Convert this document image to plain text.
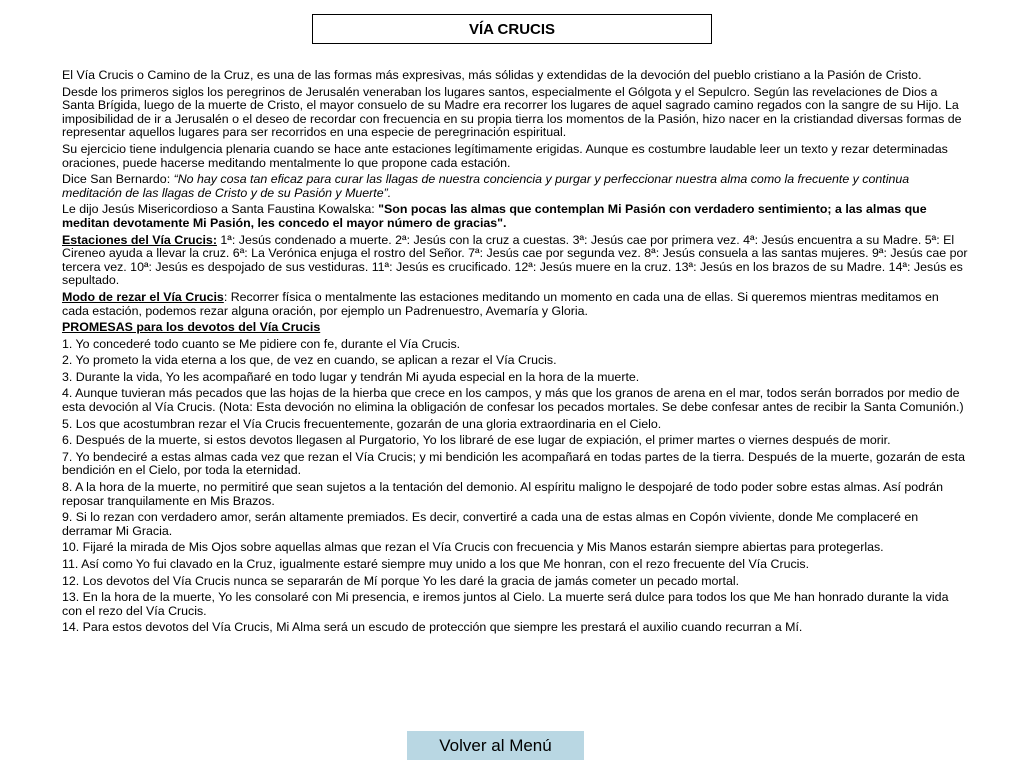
VÍA CRUCIS

El Vía Crucis o Camino de la Cruz, es una de las formas más expresivas, más sólidas y extendidas de la devoción del pueblo cristiano a la Pasión de Cristo.

Desde los primeros siglos los peregrinos de Jerusalén veneraban los lugares santos, especialmente el Gólgota y el Sepulcro. Según las revelaciones de Dios a Santa Brígida, luego de la muerte de Cristo, el mayor consuelo de su Madre era recorrer los lugares de aquel sagrado camino regados con la sangre de su Hijo. La imposibilidad de ir a Jerusalén o el deseo de recordar con frecuencia en su propia tierra los momentos de la Pasión, hizo nacer en la cristiandad diversas formas de representar aquellos lugares para ser recorridos en una especie de peregrinación espiritual.

Su ejercicio tiene indulgencia plenaria cuando se hace ante estaciones legítimamente erigidas. Aunque es costumbre laudable leer un texto y rezar determinadas oraciones, puede hacerse meditando mentalmente lo que propone cada estación.

Dice San Bernardo: “No hay cosa tan eficaz para curar las llagas de nuestra conciencia y purgar y perfeccionar nuestra alma como la frecuente y continua meditación de las llagas de Cristo y de su Pasión y Muerte”.

Le dijo Jesús Misericordioso a Santa Faustina Kowalska: "Son pocas las almas que contemplan Mi Pasión con verdadero sentimiento; a las almas que meditan devotamente Mi Pasión, les concedo el mayor número de gracias".

Estaciones del Vía Crucis: 1ª: Jesús condenado a muerte. 2ª: Jesús con la cruz a cuestas. 3ª: Jesús cae por primera vez. 4ª: Jesús encuentra a su Madre. 5ª: El Cireneo ayuda a llevar la cruz. 6ª: La Verónica enjuga el rostro del Señor. 7ª: Jesús cae por segunda vez. 8ª: Jesús consuela a las santas mujeres. 9ª: Jesús cae por tercera vez. 10ª: Jesús es despojado de sus vestiduras. 11ª: Jesús es crucificado. 12ª: Jesús muere en la cruz. 13ª: Jesús en los brazos de su Madre. 14ª: Jesús es sepultado.

Modo de rezar el Vía Crucis: Recorrer física o mentalmente las estaciones meditando un momento en cada una de ellas. Si queremos mientras meditamos en cada estación, podemos rezar alguna oración, por ejemplo un Padrenuestro, Avemaría y Gloria.

PROMESAS para los devotos del Vía Crucis

1. Yo concederé todo cuanto se Me pidiere con fe, durante el Vía Crucis.

2. Yo prometo la vida eterna a los que, de vez en cuando, se aplican a rezar el Vía Crucis.

3. Durante la vida, Yo les acompañaré en todo lugar y tendrán Mi ayuda especial en la hora de la muerte.

4. Aunque tuvieran más pecados que las hojas de la hierba que crece en los campos, y más que los granos de arena en el mar, todos serán borrados por medio de esta devoción al Vía Crucis. (Nota: Esta devoción no elimina la obligación de confesar los pecados mortales. Se debe confesar antes de recibir la Santa Comunión.)

5. Los que acostumbran rezar el Vía Crucis frecuentemente, gozarán de una gloria extraordinaria en el Cielo.

6. Después de la muerte, si estos devotos llegasen al Purgatorio, Yo los libraré de ese lugar de expiación, el primer martes o viernes después de morir.

7. Yo bendeciré a estas almas cada vez que rezan el Vía Crucis; y mi bendición les acompañará en todas partes de la tierra. Después de la muerte, gozarán de esta bendición en el Cielo, por toda la eternidad.

8. A la hora de la muerte, no permitiré que sean sujetos a la tentación del demonio. Al espíritu maligno le despojaré de todo poder sobre estas almas. Así podrán reposar tranquilamente en Mis Brazos.

9. Si lo rezan con verdadero amor, serán altamente premiados. Es decir, convertiré a cada una de estas almas en Copón viviente, donde Me complaceré en derramar Mi Gracia.

10. Fijaré la mirada de Mis Ojos sobre aquellas almas que rezan el Vía Crucis con frecuencia y Mis Manos estarán siempre abiertas para protegerlas.

11. Así como Yo fui clavado en la Cruz, igualmente estaré siempre muy unido a los que Me honran, con el rezo frecuente del Vía Crucis.

12. Los devotos del Vía Crucis nunca se separarán de Mí porque Yo les daré la gracia de jamás cometer un pecado mortal.

13. En la hora de la muerte, Yo les consolaré con Mi presencia, e iremos juntos al Cielo. La muerte será dulce para todos los que Me han honrado durante la vida con el rezo del Vía Crucis.

14. Para estos devotos del Vía Crucis, Mi Alma será un escudo de protección que siempre les prestará el auxilio cuando recurran a Mí.

Volver al Menú
